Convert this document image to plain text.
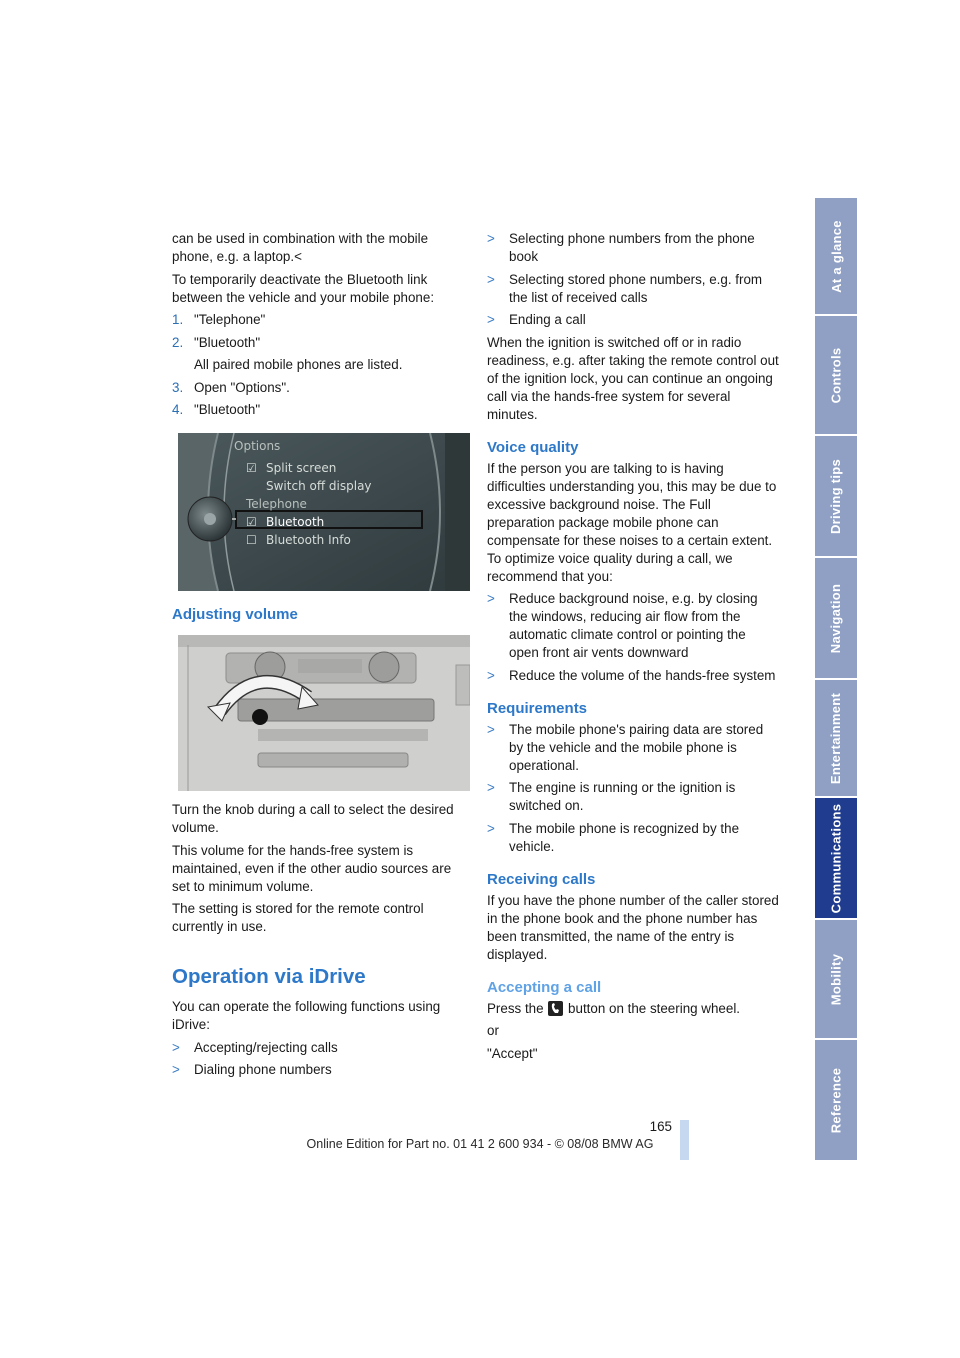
can be used in combination with the mobile phone, e.g. a laptop.<

To temporarily deactivate the Bluetooth link between the vehicle and your mobile phone:

1. "Telephone"
2. "Bluetooth"

All paired mobile phones are listed.

3. Open "Options".
4. "Bluetooth"
Options
Split screen
Switch off display
Telephone
Bluetooth
Bluetooth Info
☑
☑
☐

Adjusting volume

Turn the knob during a call to select the desired volume.

This volume for the hands-free system is maintained, even if the other audio sources are set to minimum volume.

The setting is stored for the remote control currently in use.

Operation via iDrive

You can operate the following functions using iDrive:

>	Accepting/rejecting calls
>	Dialing phone numbers
>	Selecting phone numbers from the phone book
>	Selecting stored phone numbers, e.g. from the list of received calls
>	Ending a call

When the ignition is switched off or in radio readiness, e.g. after taking the remote control out of the ignition lock, you can continue an ongoing call via the hands-free system for several minutes.

Voice quality

If the person you are talking to is having difficulties understanding you, this may be due to excessive background noise. The Full preparation package mobile phone can compensate for these noises to a certain extent. To optimize voice quality during a call, we recommend that you:

>	Reduce background noise, e.g. by closing the windows, reducing air flow from the automatic climate control or pointing the open front air vents downward
>	Reduce the volume of the hands-free system

Requirements

>	The mobile phone's pairing data are stored by the vehicle and the mobile phone is operational.
>	The engine is running or the ignition is switched on.
>	The mobile phone is recognized by the vehicle.

Receiving calls

If you have the phone number of the caller stored in the phone book and the phone number has been transmitted, the name of the entry is displayed.

Accepting a call

Press the button on the steering wheel.

or

"Accept"

At a glance
Controls
Driving tips
Navigation
Entertainment
Communications
Mobility
Reference
165
Online Edition for Part no. 01 41 2 600 934 - © 08/08 BMW AG
